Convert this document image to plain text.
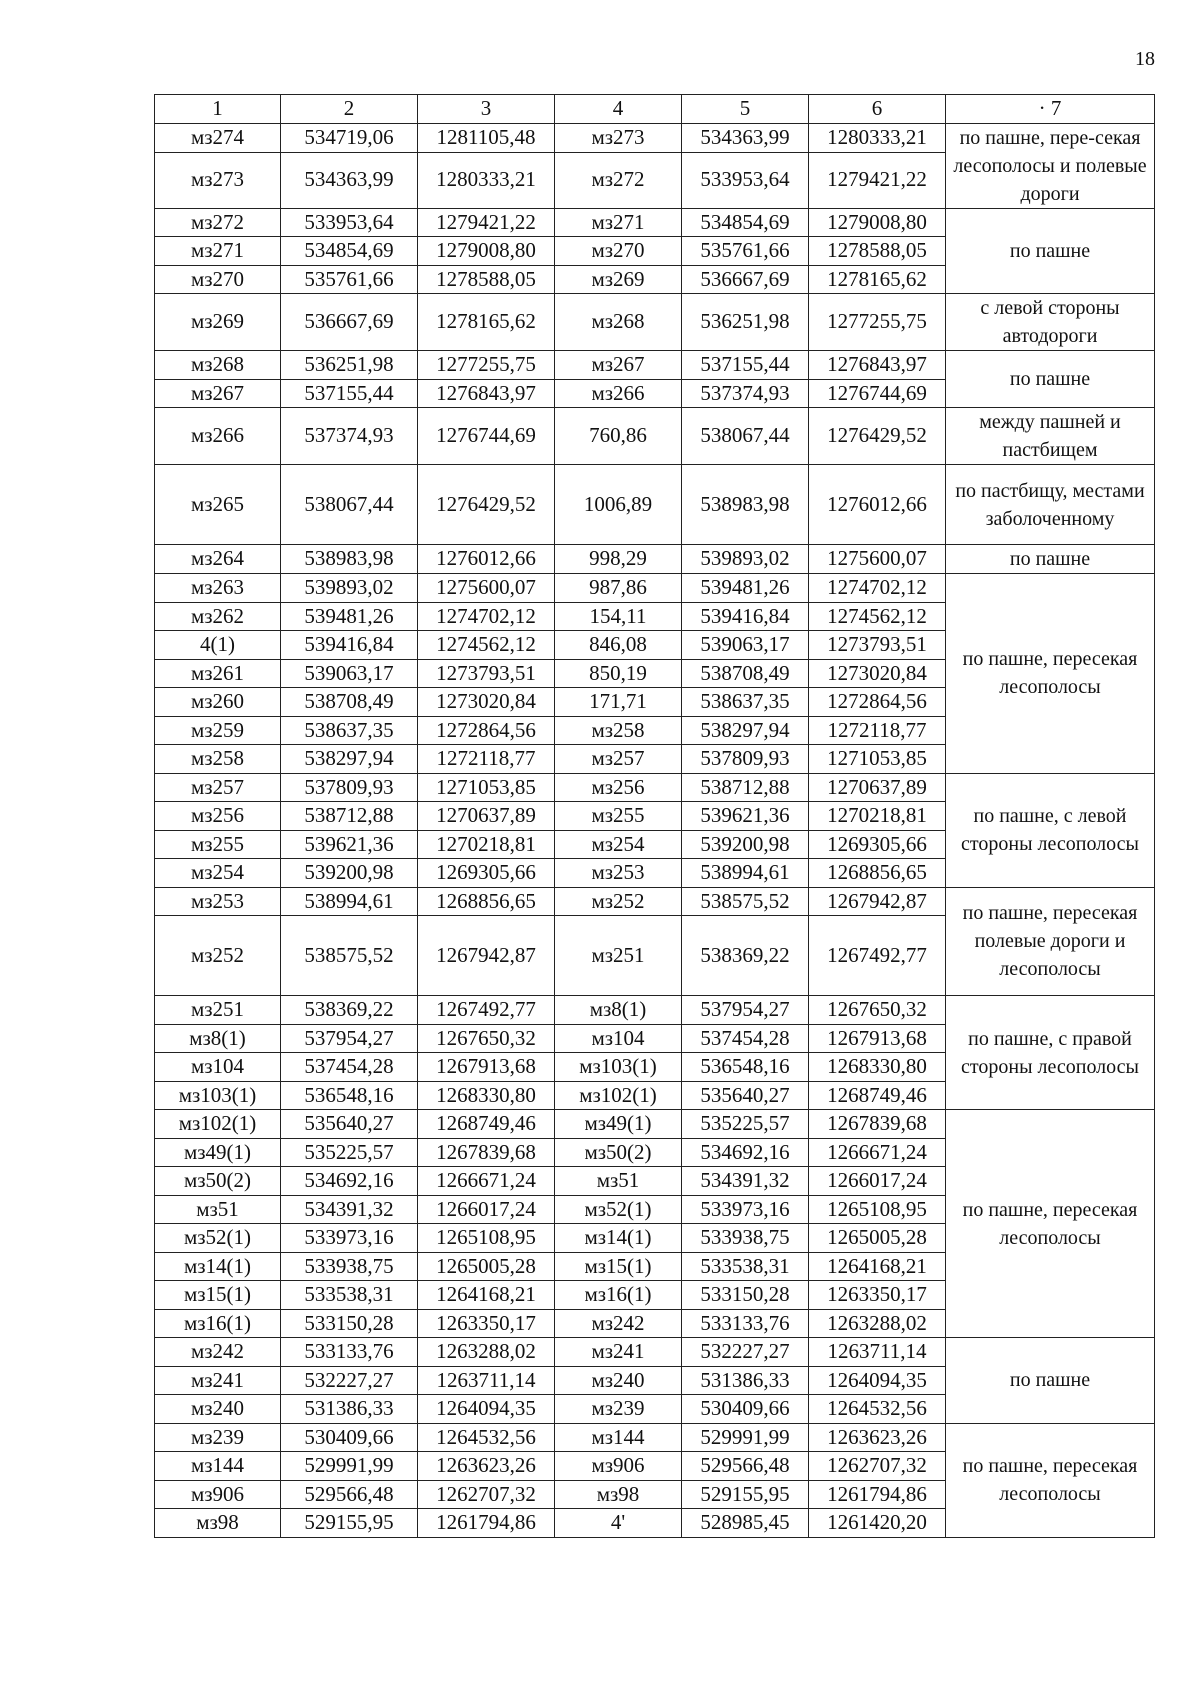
18
1	2	3	4	5	6	· 7
мз274	534719,06	1281105,48	мз273	534363,99	1280333,21	по пашне, пере-секая лесополосы и полевые дороги
мз273	534363,99	1280333,21	мз272	533953,64	1279421,22	
мз272	533953,64	1279421,22	мз271	534854,69	1279008,80	по пашне
мз271	534854,69	1279008,80	мз270	535761,66	1278588,05	
мз270	535761,66	1278588,05	мз269	536667,69	1278165,62	
мз269	536667,69	1278165,62	мз268	536251,98	1277255,75	с левой стороны автодороги
мз268	536251,98	1277255,75	мз267	537155,44	1276843,97	по пашне
мз267	537155,44	1276843,97	мз266	537374,93	1276744,69	
мз266	537374,93	1276744,69	760,86	538067,44	1276429,52	между пашней и пастбищем
мз265	538067,44	1276429,52	1006,89	538983,98	1276012,66	по пастбищу, местами заболоченному
мз264	538983,98	1276012,66	998,29	539893,02	1275600,07	по пашне
мз263	539893,02	1275600,07	987,86	539481,26	1274702,12	по пашне, пересекая лесополосы
мз262	539481,26	1274702,12	154,11	539416,84	1274562,12	
4(1)	539416,84	1274562,12	846,08	539063,17	1273793,51	
мз261	539063,17	1273793,51	850,19	538708,49	1273020,84	
мз260	538708,49	1273020,84	171,71	538637,35	1272864,56	
мз259	538637,35	1272864,56	мз258	538297,94	1272118,77	
мз258	538297,94	1272118,77	мз257	537809,93	1271053,85	
мз257	537809,93	1271053,85	мз256	538712,88	1270637,89	по пашне, с левой стороны лесополосы
мз256	538712,88	1270637,89	мз255	539621,36	1270218,81	
мз255	539621,36	1270218,81	мз254	539200,98	1269305,66	
мз254	539200,98	1269305,66	мз253	538994,61	1268856,65	
мз253	538994,61	1268856,65	мз252	538575,52	1267942,87	по пашне, пересекая полевые дороги и лесополосы
мз252	538575,52	1267942,87	мз251	538369,22	1267492,77	
мз251	538369,22	1267492,77	мз8(1)	537954,27	1267650,32	по пашне, с правой стороны лесополосы
мз8(1)	537954,27	1267650,32	мз104	537454,28	1267913,68	
мз104	537454,28	1267913,68	мз103(1)	536548,16	1268330,80	
мз103(1)	536548,16	1268330,80	мз102(1)	535640,27	1268749,46	
мз102(1)	535640,27	1268749,46	мз49(1)	535225,57	1267839,68	по пашне, пересекая лесополосы
мз49(1)	535225,57	1267839,68	мз50(2)	534692,16	1266671,24	
мз50(2)	534692,16	1266671,24	мз51	534391,32	1266017,24	
мз51	534391,32	1266017,24	мз52(1)	533973,16	1265108,95	
мз52(1)	533973,16	1265108,95	мз14(1)	533938,75	1265005,28	
мз14(1)	533938,75	1265005,28	мз15(1)	533538,31	1264168,21	
мз15(1)	533538,31	1264168,21	мз16(1)	533150,28	1263350,17	
мз16(1)	533150,28	1263350,17	мз242	533133,76	1263288,02	
мз242	533133,76	1263288,02	мз241	532227,27	1263711,14	по пашне
мз241	532227,27	1263711,14	мз240	531386,33	1264094,35	
мз240	531386,33	1264094,35	мз239	530409,66	1264532,56	
мз239	530409,66	1264532,56	мз144	529991,99	1263623,26	по пашне, пересекая лесополосы
мз144	529991,99	1263623,26	мз906	529566,48	1262707,32	
мз906	529566,48	1262707,32	мз98	529155,95	1261794,86	
мз98	529155,95	1261794,86	4'	528985,45	1261420,20	
